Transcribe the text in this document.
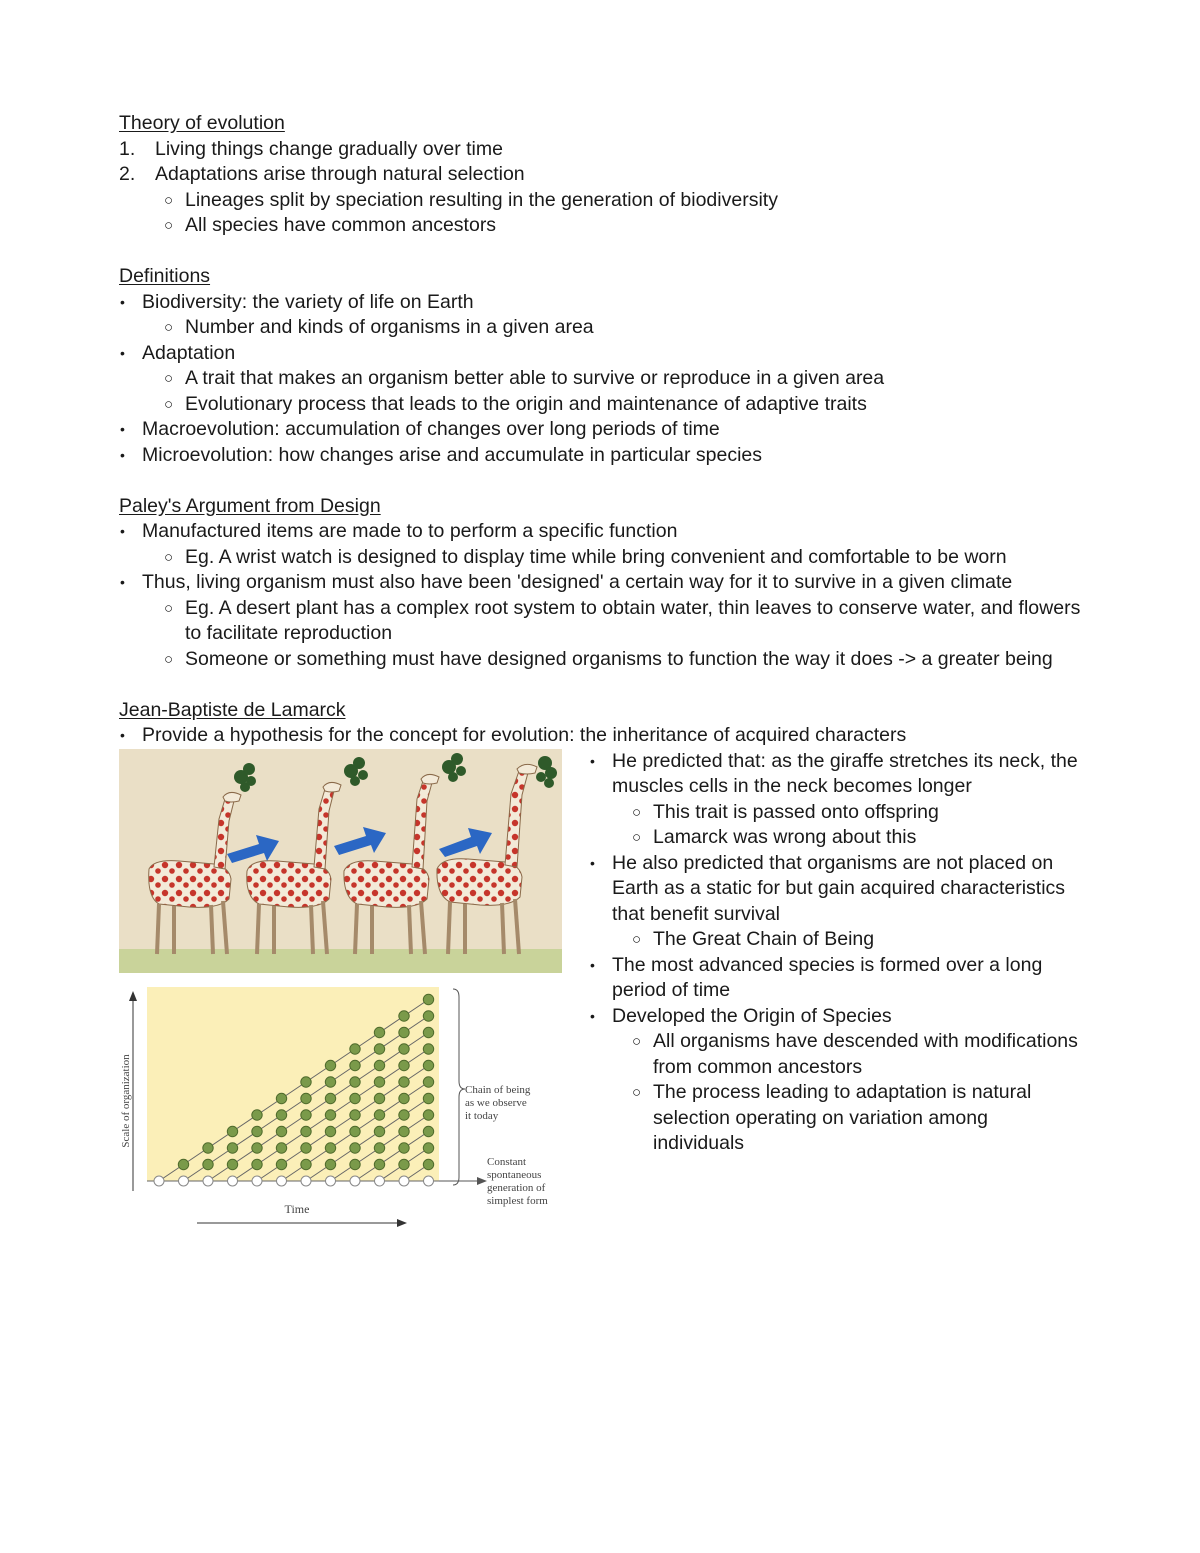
Theory of evolution
1.	Living things change gradually over time
2.	Adaptations arise through natural selection
○ Lineages split by speciation resulting in the generation of biodiversity
○ All species have common ancestors
Definitions
• Biodiversity: the variety of life on Earth
○ Number and kinds of organisms in a given area
• Adaptation
○ A trait that makes an organism better able to survive or reproduce in a given area
○ Evolutionary process that leads to the origin and maintenance of adaptive traits
• Macroevolution: accumulation of changes over long periods of time
• Microevolution: how changes arise and accumulate in particular species
Paley's Argument from Design
• Manufactured items are made to to perform a specific function
○ Eg. A wrist watch is designed to display time while bring convenient and comfortable to be worn
• Thus, living organism must also have been 'designed' a certain way for it to survive in a given climate
○ Eg. A desert plant has a complex root system to obtain water, thin leaves to conserve water, and flowers to facilitate reproduction
○ Someone or something must have designed organisms to function the way it does -> a greater being
Jean-Baptiste de Lamarck
• Provide a hypothesis for the concept for evolution: the inheritance of acquired characters
Scale of organization
Time
Chain of being
as we observe
it today
Constant
spontaneous
generation of
simplest form
• He predicted that: as the giraffe stretches its neck, the muscles cells in the neck becomes longer
○ This trait is passed onto offspring
○ Lamarck was wrong about this
• He also predicted that organisms are not placed on Earth as a static for but gain acquired characteristics that benefit survival
○ The Great Chain of Being
• The most advanced species is formed over a long period of time
• Developed the Origin of Species
○ All organisms have descended with modifications from common ancestors
○ The process leading to adaptation is natural selection operating on variation among individuals
